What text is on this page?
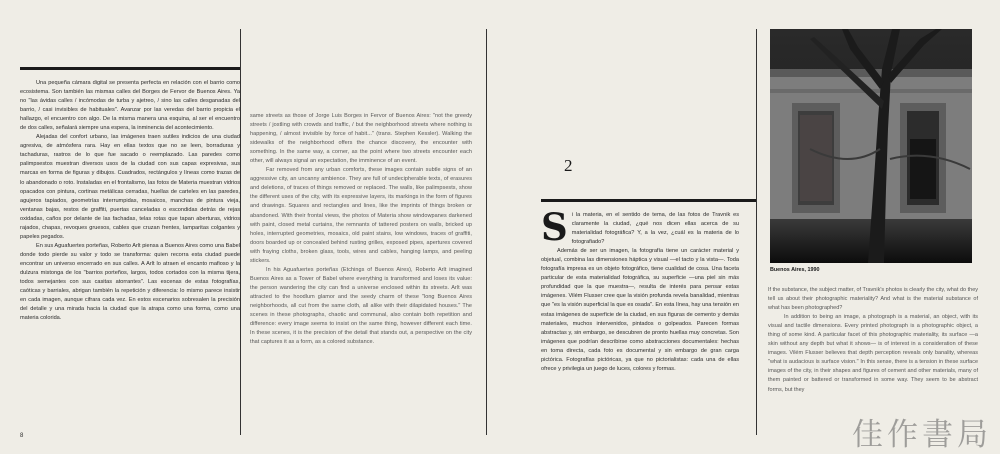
Una pequeña cámara digital se presenta perfecta en relación con el barrio como ecosistema. Son también las mismas calles del Borges de Fervor de Buenos Aires. Ya no "las ávidas calles / incómodas de turba y ajetreo, / sino las calles desganadas del barrio, / casi invisibles de habituales". Avanzar por las veredas del barrio propicia el hallazgo, el encuentro con algo. De la misma manera una esquina, al ser el encuentro de dos calles, señalará siempre una espera, la inminencia del acontecimiento.

Alejadas del confort urbano, las imágenes traen sutiles indicios de una ciudad agresiva, de atmósfera rara. Hay en ellas textos que no se leen, borraduras y tachaduras, rastros de lo que fue sacado o reemplazado. Las paredes como palimpsestos muestran diversos usos de la ciudad con sus capas expresivas, sus marcas en forma de figuras y dibujos. Cuadrados, rectángulos y líneas como trazas de lo abandonado o roto. Instaladas en el frontalismo, las fotos de Materia muestran vidrios opacados con pintura, cortinas metálicas cerradas, huellas de carteles en las paredes, agujeros tapiados, geometrías interrumpidas, mosaicos, manchas de pintura vieja, ventanas bajas, restos de graffiti, puertas canceladas o escondidas detrás de rejas oxidadas, caños por delante de las fachadas, telas rotas que tapan aberturas, vidrios rajados, chapas, revoques gruesos, cables que cruzan frentes, lamparitas colgantes y papeles pegados.

En sus Aguafuertes porteñas, Roberto Arlt piensa a Buenos Aires como una Babel donde todo pierde su valor y todo se transforma: quien recorra esta ciudad puede encontrar un universo encerrado en sus calles. A Arlt lo atraen el encanto mafioso y la dulzura mistonga de los "barrios porteños, largos, todos cortados con la misma tijera, todos semejantes con sus casitas atorrantes". Las escenas de estas fotografías, caóticas y barriales, abrigan también la repetición y diferencia: lo mismo parece insistir en cada imagen, aunque cifrara cada vez. En estos escenarios sobresalen la precisión del detalle y una mirada hacia la ciudad que la atrapa como una forma, como una materia colorida.

same streets as those of Jorge Luis Borges in Fervor of Buenos Aires: "not the greedy streets / jostling with crowds and traffic, / but the neighborhood streets where nothing is happening, / almost invisible by force of habit..." (trans. Stephen Kessler). Walking the sidewalks of the neighborhood offers the chance discovery, the encounter with something. In the same way, a corner, as the point where two streets encounter each other, will always signal an expectation, the imminence of an event.

Far removed from any urban comforts, these images contain subtle signs of an aggressive city, an uncanny ambience. They are full of undecipherable texts, of erasures and deletions, of traces of things removed or replaced. The walls, like palimpsests, show the different uses of the city, with its expressive layers, its markings in the form of figures and drawings. Squares and rectangles and lines, like the imprints of things broken or abandoned. With their frontal views, the photos of Materia show windowpanes darkened with paint, closed metal curtains, the remnants of tattered posters on walls, bricked up holes, interrupted geometries, mosaics, old paint stains, low windows, traces of graffiti, doors boarded up or concealed behind rusting grilles, exposed pipes, apertures covered with fraying cloths, broken glass, tools, wires and cables, hanging lamps, and peeling stickers.

In his Aguafuertes porteñas (Etchings of Buenos Aires), Roberto Arlt imagined Buenos Aires as a Tower of Babel where everything is transformed and loses its value: the person wandering the city can find a universe enclosed within its streets. Arlt was attracted to the hoodlum glamor and the seedy charm of these "long Buenos Aires neighborhoods, all cut from the same cloth, all alike with their dilapidated houses." The scenes in these photographs, chaotic and communal, also contain both repetition and difference: every image seems to insist on the same thing, however different each time. In these scenes, it is the precision of the detail that stands out, a perspective on the city that captures it as a form, as a colored substance.

2

Si la materia, en el sentido de tema, de las fotos de Travnik es claramente la ciudad, ¿qué nos dicen ellas acerca de su materialidad fotográfica? Y, a la vez, ¿cuál es la materia de lo fotografiado?

Además de ser un imagen, la fotografía tiene un carácter material y objetual, combina las dimensiones háptica y visual —el tacto y la vista—. Toda fotografía impresa es un objeto fotográfico, tiene cualidad de cosa. Una faceta particular de esta materialidad fotográfica, su superficie —una piel sin más profundidad que la que muestra—, resulta de interés para pensar estas imágenes. Vilém Flusser cree que la visión profunda revela banalidad, mientras que "es la visión superficial la que es osada". En esta línea, hay una tensión en estas imágenes de superficie de la ciudad, en sus figuras de cemento y demás materiales, muchos intervenidos, pintados o golpeados. Parecen formas abstractas y, sin embargo, se descubren de pronto huellas muy concretas. Son imágenes que podrían describirse como abstracciones documentales: hechas en toma directa, cada foto es documental y sin embargo de gran carga pictórica. Fotografías pictóricas, ya que no pictorialistas: cada una de ellas ofrece y privilegia un juego de luces, colores y formas.

Buenos Aires, 1990

If the substance, the subject matter, of Travnik's photos is clearly the city, what do they tell us about their photographic materiality? And what is the material substance of what has been photographed?

In addition to being an image, a photograph is a material, an object, with its visual and tactile dimensions. Every printed photograph is a photographic object, a thing of some kind. A particular facet of this photographic materiality, its surface —a skin without any depth but what it shows— is of interest in a consideration of these images. Vilém Flusser believes that depth perception reveals only banality, whereas "what is audacious is surface vision." In this sense, there is a tension in these surface images of the city, in their shapes and figures of cement and other materials, many of them painted or battered or transformed in some way. They seem to be abstract forms, but they

8	佳作書局
